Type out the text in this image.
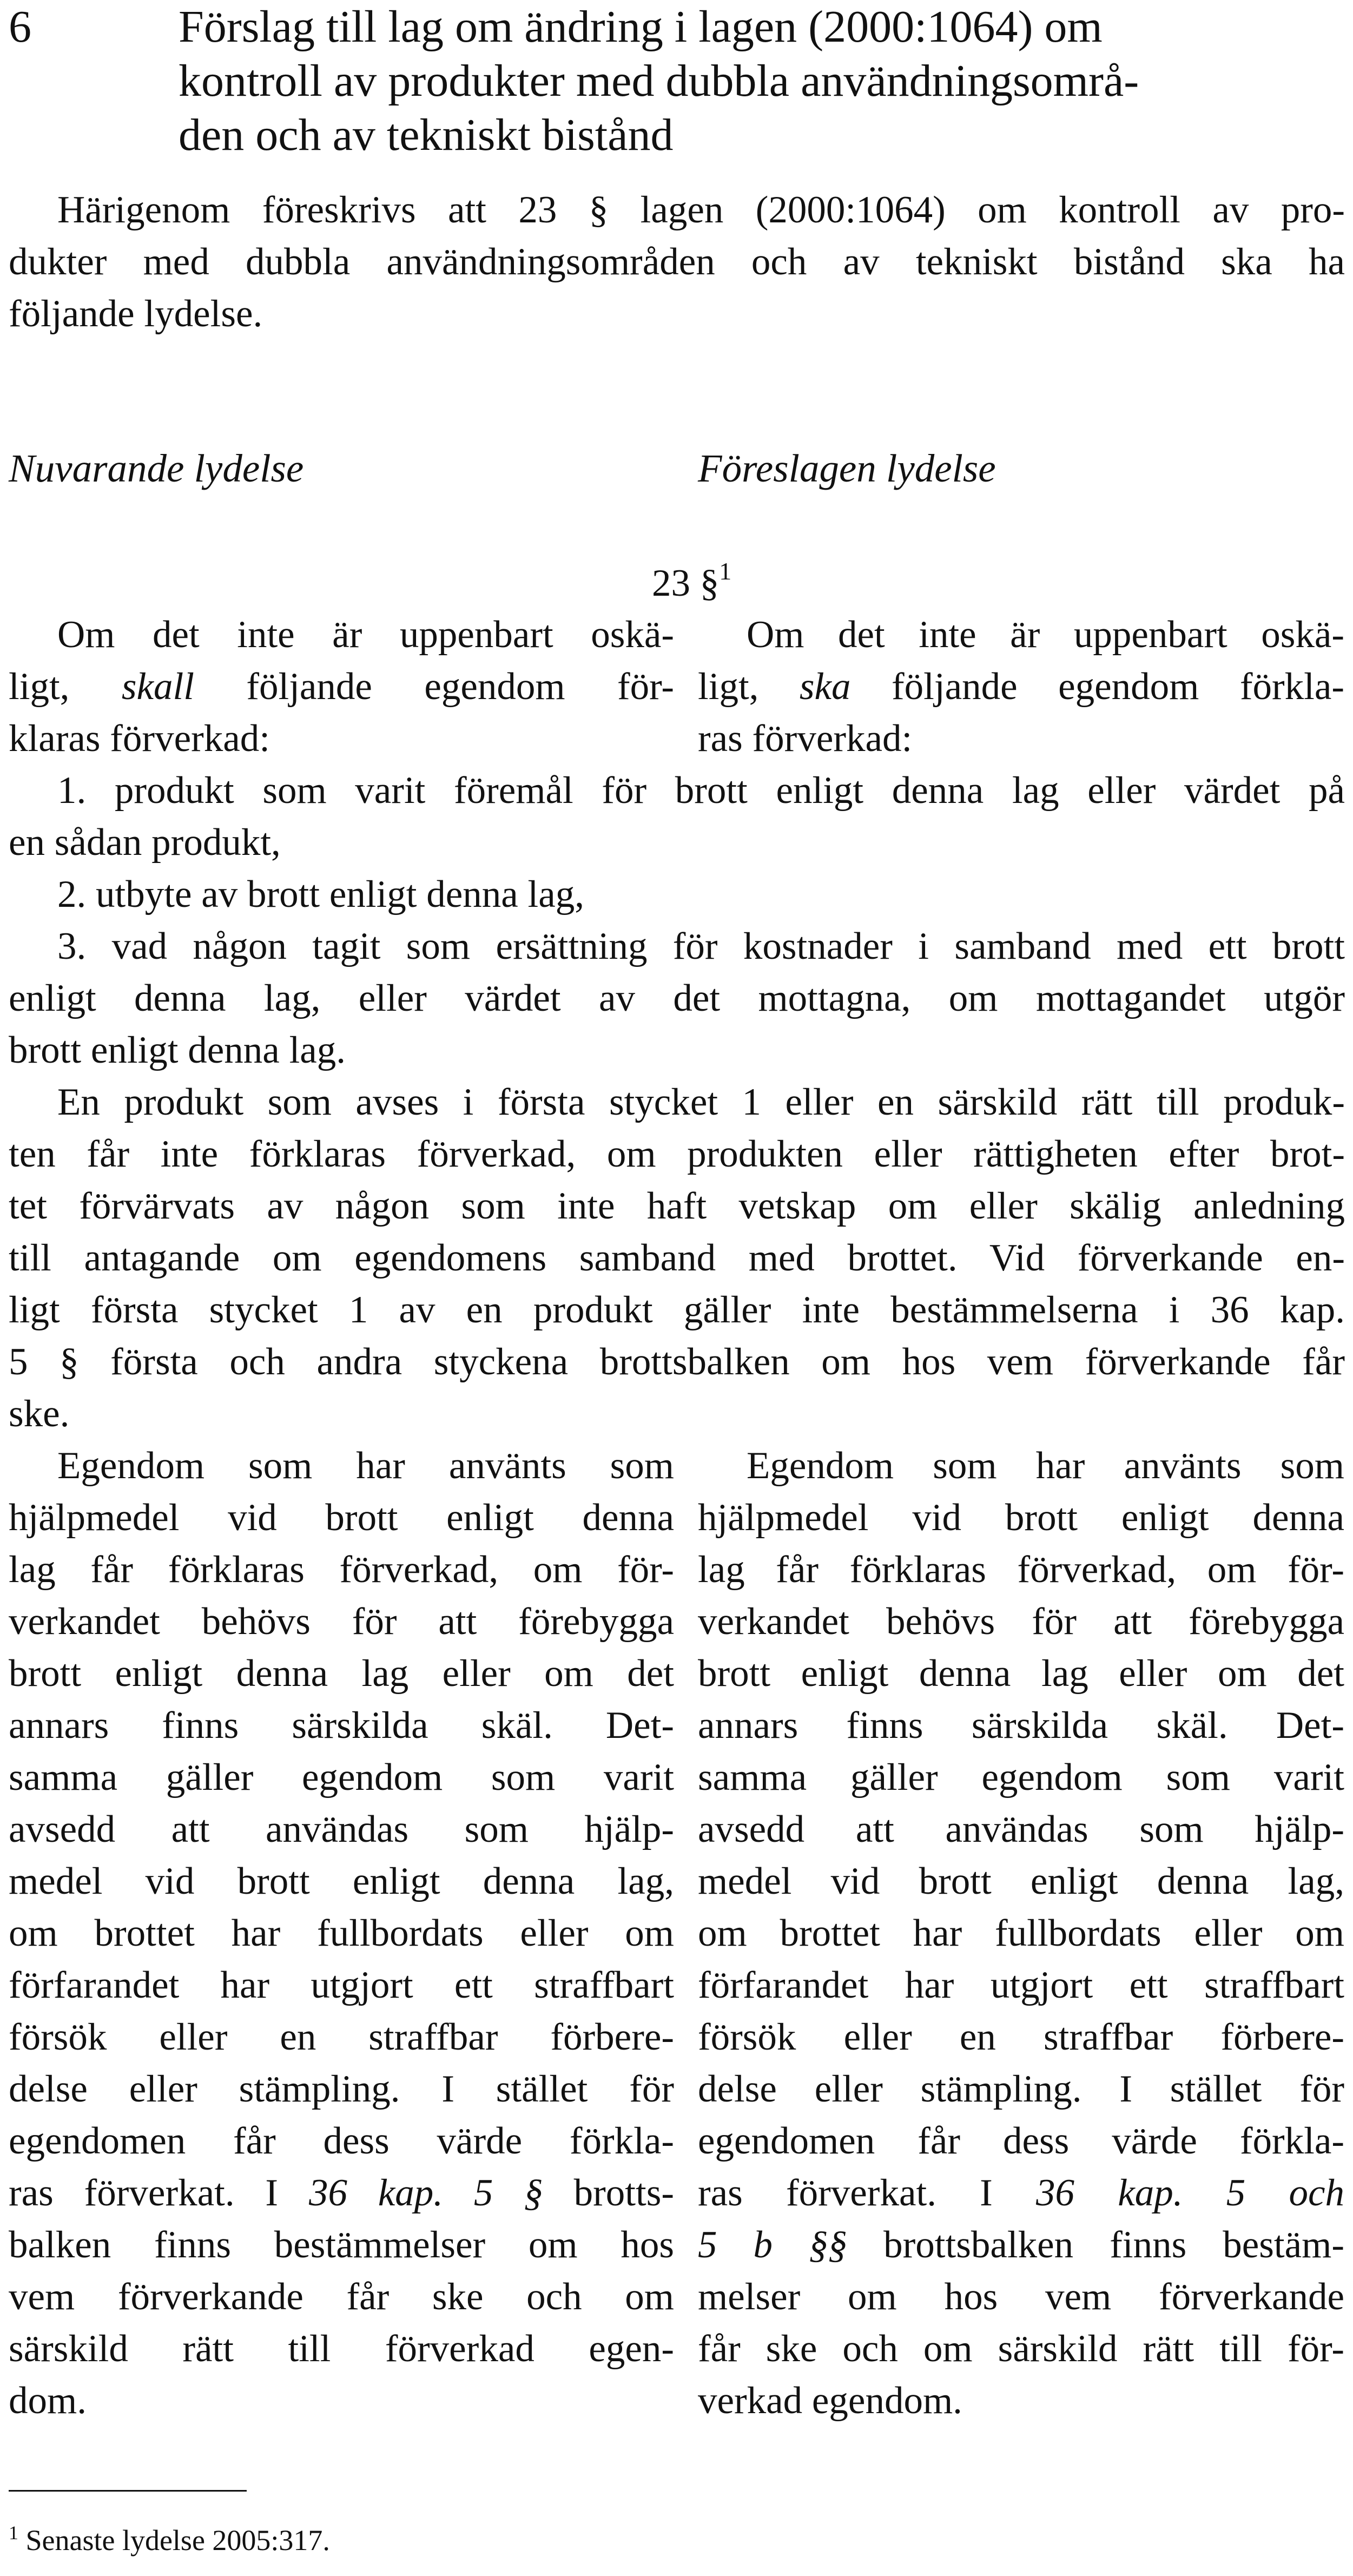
6	Förslag till lag om ändring i lagen (2000:1064) om
kontroll av produkter med dubbla användningsområ-
den och av tekniskt bistånd
Härigenom föreskrivs att 23 § lagen (2000:1064) om kontroll av pro-
dukter med dubbla användningsområden och av tekniskt bistånd ska ha
följande lydelse.
Nuvarande lydelse	Föreslagen lydelse
23 §$^1$
Om det inte är uppenbart oskä-
ligt, skall följande egendom för-
klaras förverkad:
Om det inte är uppenbart oskä-
ligt, ska följande egendom förkla-
ras förverkad:
1. produkt som varit föremål för brott enligt denna lag eller värdet på
en sådan produkt,
2. utbyte av brott enligt denna lag,
3. vad någon tagit som ersättning för kostnader i samband med ett brott
enligt denna lag, eller värdet av det mottagna, om mottagandet utgör
brott enligt denna lag.
En produkt som avses i första stycket 1 eller en särskild rätt till produk-
ten får inte förklaras förverkad, om produkten eller rättigheten efter brot-
tet förvärvats av någon som inte haft vetskap om eller skälig anledning
till antagande om egendomens samband med brottet. Vid förverkande en-
ligt första stycket 1 av en produkt gäller inte bestämmelserna i 36 kap.
5 § första och andra styckena brottsbalken om hos vem förverkande får
ske.
Egendom som har använts som
hjälpmedel vid brott enligt denna
lag får förklaras förverkad, om för-
verkandet behövs för att förebygga
brott enligt denna lag eller om det
annars finns särskilda skäl. Det-
samma gäller egendom som varit
avsedd att användas som hjälp-
medel vid brott enligt denna lag,
om brottet har fullbordats eller om
förfarandet har utgjort ett straffbart
försök eller en straffbar förbere-
delse eller stämpling. I stället för
egendomen får dess värde förkla-
ras förverkat. I 36 kap. 5 § brotts-
balken finns bestämmelser om hos
vem förverkande får ske och om
särskild rätt till förverkad egen-
dom.
Egendom som har använts som
hjälpmedel vid brott enligt denna
lag får förklaras förverkad, om för-
verkandet behövs för att förebygga
brott enligt denna lag eller om det
annars finns särskilda skäl. Det-
samma gäller egendom som varit
avsedd att användas som hjälp-
medel vid brott enligt denna lag,
om brottet har fullbordats eller om
förfarandet har utgjort ett straffbart
försök eller en straffbar förbere-
delse eller stämpling. I stället för
egendomen får dess värde förkla-
ras förverkat. I 36 kap. 5 och
5 b §§ brottsbalken finns bestäm-
melser om hos vem förverkande
får ske och om särskild rätt till för-
verkad egendom.
$^1$ Senaste lydelse 2005:317.
